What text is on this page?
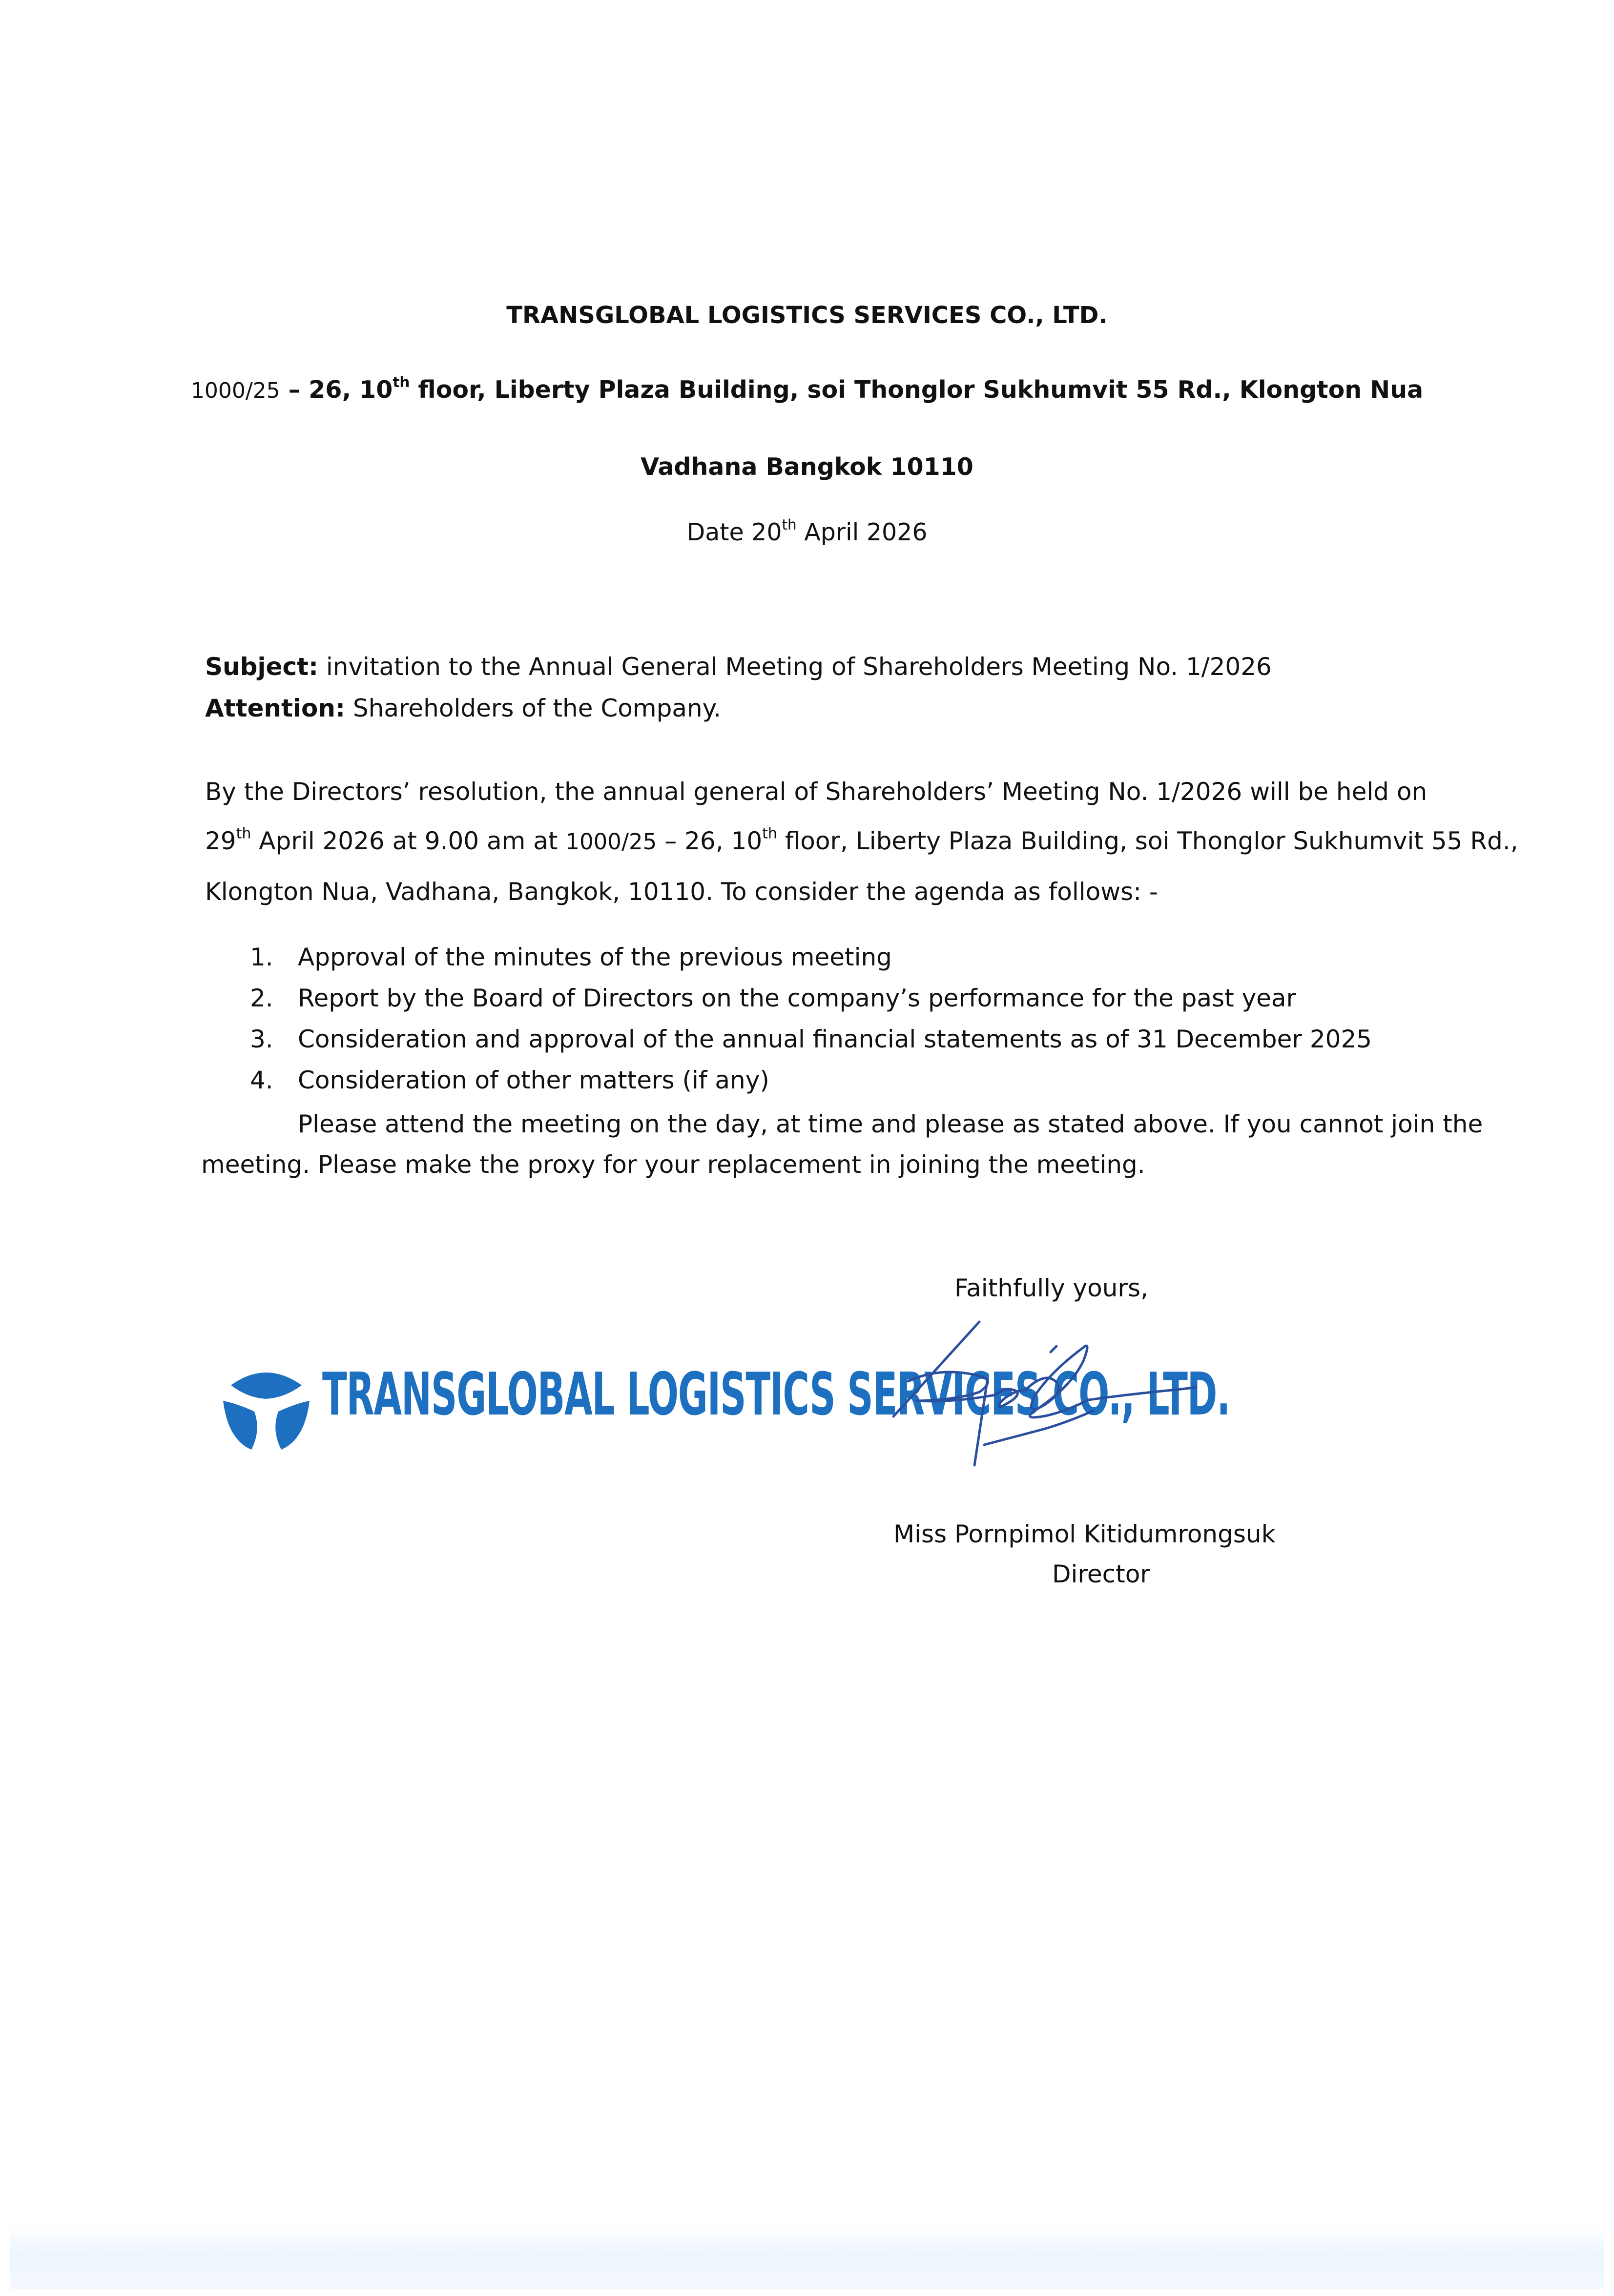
TRANSGLOBAL LOGISTICS SERVICES CO., LTD.
1000/25 – 26, 10th floor, Liberty Plaza Building, soi Thonglor Sukhumvit 55 Rd., Klongton Nua
Vadhana Bangkok 10110
Date 20th April 2026
Subject: invitation to the Annual General Meeting of Shareholders Meeting No. 1/2026
Attention: Shareholders of the Company.
By the Directors’ resolution, the annual general of Shareholders’ Meeting No. 1/2026 will be held on
29th April 2026 at 9.00 am at 1000/25 – 26, 10th floor, Liberty Plaza Building, soi Thonglor Sukhumvit 55 Rd.,
Klongton Nua, Vadhana, Bangkok, 10110. To consider the agenda as follows: -
1. Approval of the minutes of the previous meeting
2. Report by the Board of Directors on the company’s performance for the past year
3. Consideration and approval of the annual financial statements as of 31 December 2025
4. Consideration of other matters (if any)
Please attend the meeting on the day, at time and please as stated above. If you cannot join the
meeting. Please make the proxy for your replacement in joining the meeting.
Faithfully yours,
TRANSGLOBAL LOGISTICS SERVICES CO., LTD.
Miss Pornpimol Kitidumrongsuk
Director
